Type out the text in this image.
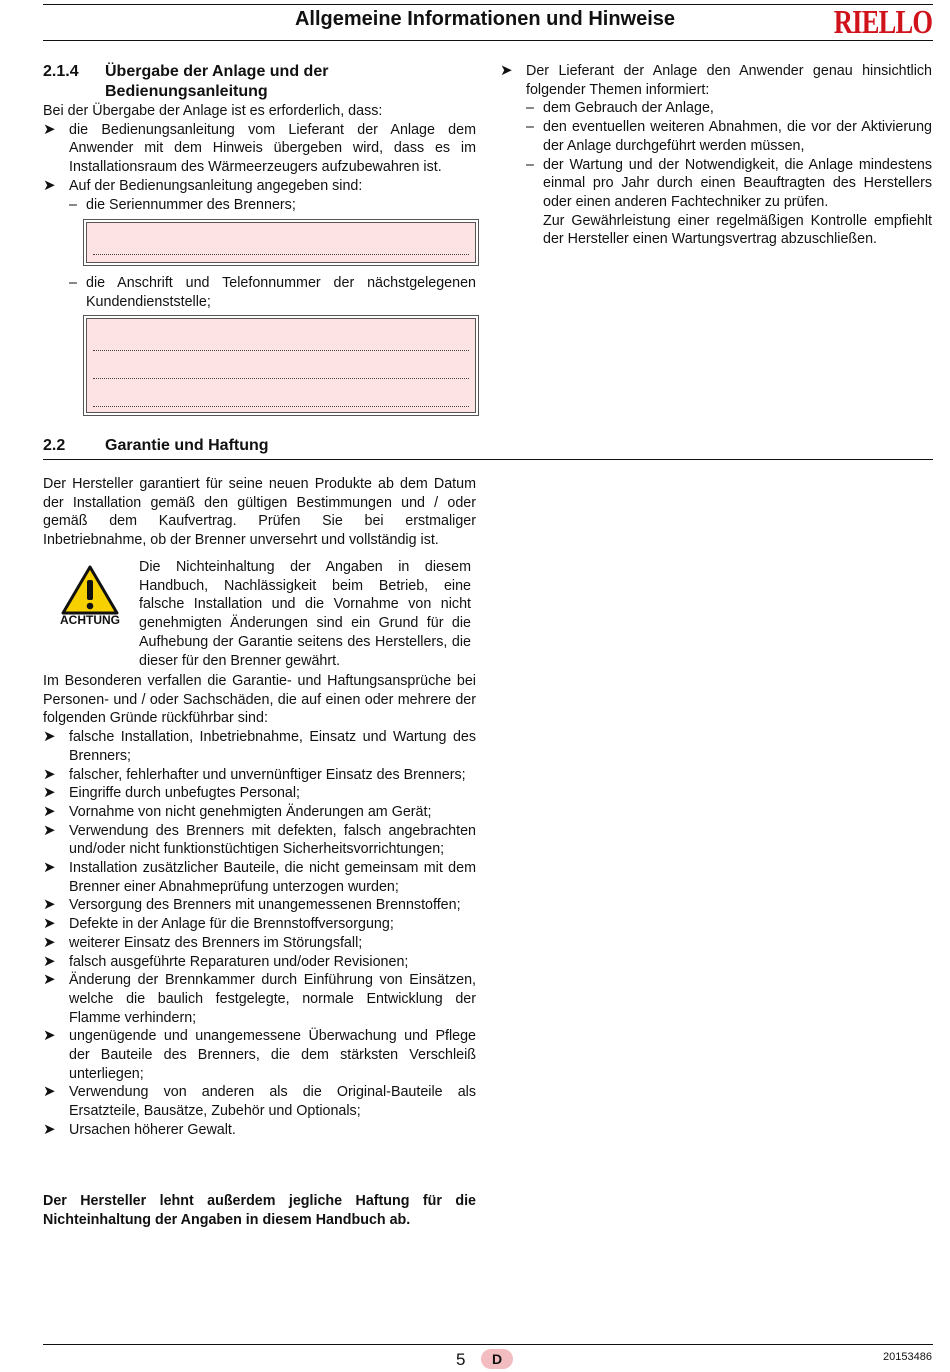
Allgemeine Informationen und Hinweise	RIELLO
2.1.4	Übergabe der Anlage und der Bedienungsanleitung
Bei der Übergabe der Anlage ist es erforderlich, dass:
➤ die Bedienungsanleitung vom Lieferant der Anlage dem Anwender mit dem Hinweis übergeben wird, dass es im Installationsraum des Wärmeerzeugers aufzubewahren ist.
➤ Auf der Bedienungsanleitung angegeben sind:
– die Seriennummer des Brenners;
– die Anschrift und Telefonnummer der nächstgelegenen Kundendienststelle;
➤ Der Lieferant der Anlage den Anwender genau hinsichtlich folgender Themen informiert:
– dem Gebrauch der Anlage,
– den eventuellen weiteren Abnahmen, die vor der Aktivierung der Anlage durchgeführt werden müssen,
– der Wartung und der Notwendigkeit, die Anlage mindestens einmal pro Jahr durch einen Beauftragten des Herstellers oder einen anderen Fachtechniker zu prüfen.
Zur Gewährleistung einer regelmäßigen Kontrolle empfiehlt der Hersteller einen Wartungsvertrag abzuschließen.
2.2	Garantie und Haftung
Der Hersteller garantiert für seine neuen Produkte ab dem Datum der Installation gemäß den gültigen Bestimmungen und / oder gemäß dem Kaufvertrag. Prüfen Sie bei erstmaliger Inbetriebnahme, ob der Brenner unversehrt und vollständig ist.
ACHTUNG
Die Nichteinhaltung der Angaben in diesem Handbuch, Nachlässigkeit beim Betrieb, eine falsche Installation und die Vornahme von nicht genehmigten Änderungen sind ein Grund für die Aufhebung der Garantie seitens des Herstellers, die dieser für den Brenner gewährt.
Im Besonderen verfallen die Garantie- und Haftungsansprüche bei Personen- und / oder Sachschäden, die auf einen oder mehrere der folgenden Gründe rückführbar sind:
➤ falsche Installation, Inbetriebnahme, Einsatz und Wartung des Brenners;
➤ falscher, fehlerhafter und unvernünftiger Einsatz des Brenners;
➤ Eingriffe durch unbefugtes Personal;
➤ Vornahme von nicht genehmigten Änderungen am Gerät;
➤ Verwendung des Brenners mit defekten, falsch angebrachten und/oder nicht funktionstüchtigen Sicherheitsvorrichtungen;
➤ Installation zusätzlicher Bauteile, die nicht gemeinsam mit dem Brenner einer Abnahmeprüfung unterzogen wurden;
➤ Versorgung des Brenners mit unangemessenen Brennstoffen;
➤ Defekte in der Anlage für die Brennstoffversorgung;
➤ weiterer Einsatz des Brenners im Störungsfall;
➤ falsch ausgeführte Reparaturen und/oder Revisionen;
➤ Änderung der Brennkammer durch Einführung von Einsätzen, welche die baulich festgelegte, normale Entwicklung der Flamme verhindern;
➤ ungenügende und unangemessene Überwachung und Pflege der Bauteile des Brenners, die dem stärksten Verschleiß unterliegen;
➤ Verwendung von anderen als die Original-Bauteile als Ersatzteile, Bausätze, Zubehör und Optionals;
➤ Ursachen höherer Gewalt.
Der Hersteller lehnt außerdem jegliche Haftung für die Nichteinhaltung der Angaben in diesem Handbuch ab.
5	D	20153486
